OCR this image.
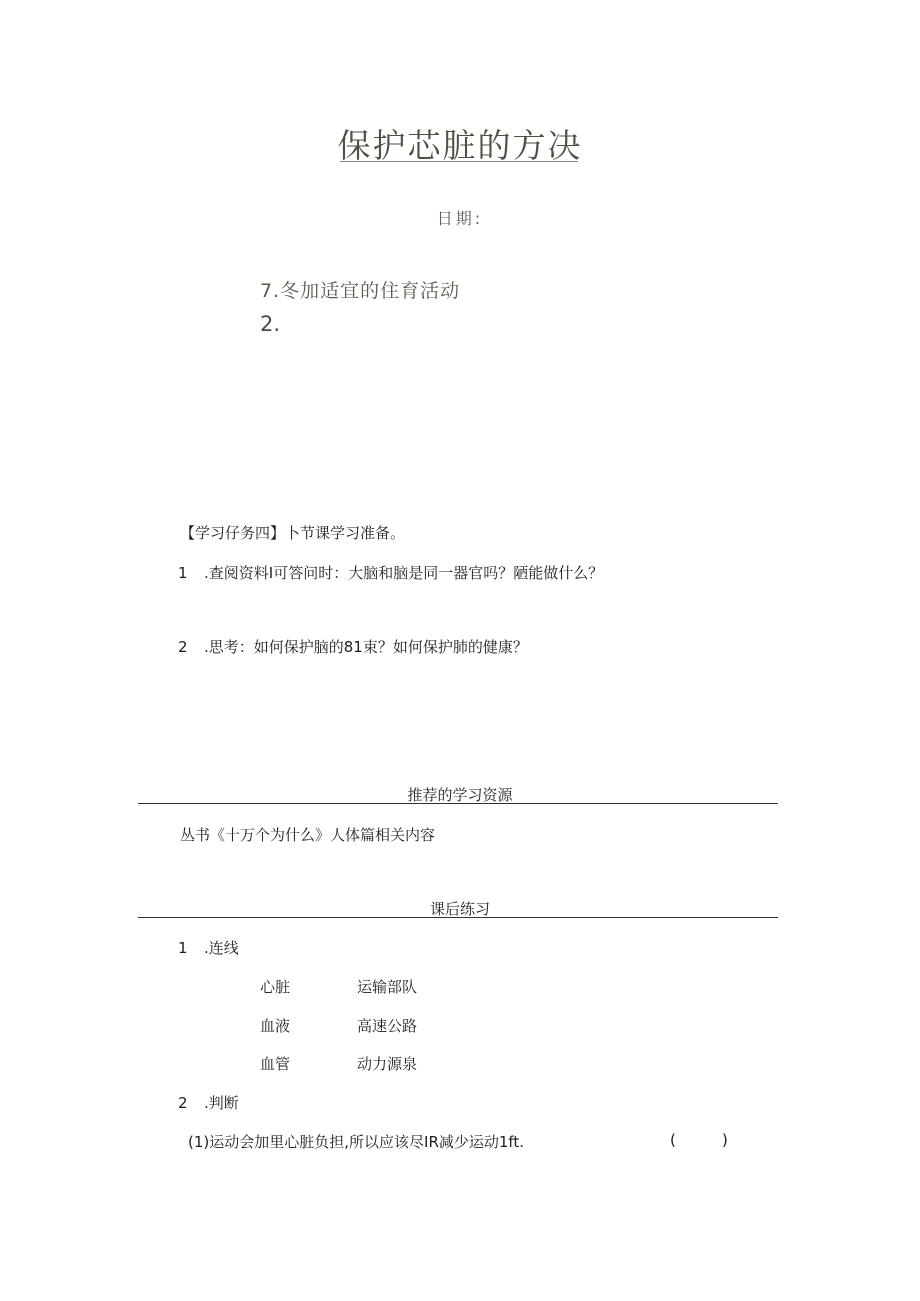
保护芯脏的方决
日期:
7.冬加适宜的住育活动
2.
【学习仔务四】卜节课学习准备。
1 .查阅资料I可答问时：大脑和脑是同一器官吗？陋能做什么？
2 .思考：如何保护脑的81束？如何保护肺的健康？
推荐的学习资源
丛书《十万个为什么》人体篇相关内容
课后练习
1 .连线
心脏	运输部队
血液	高速公路
血管	动力源泉
2 .判断
(1)运动会加里心脏负担,所以应该尽IR减少运动1ft.	(	)
